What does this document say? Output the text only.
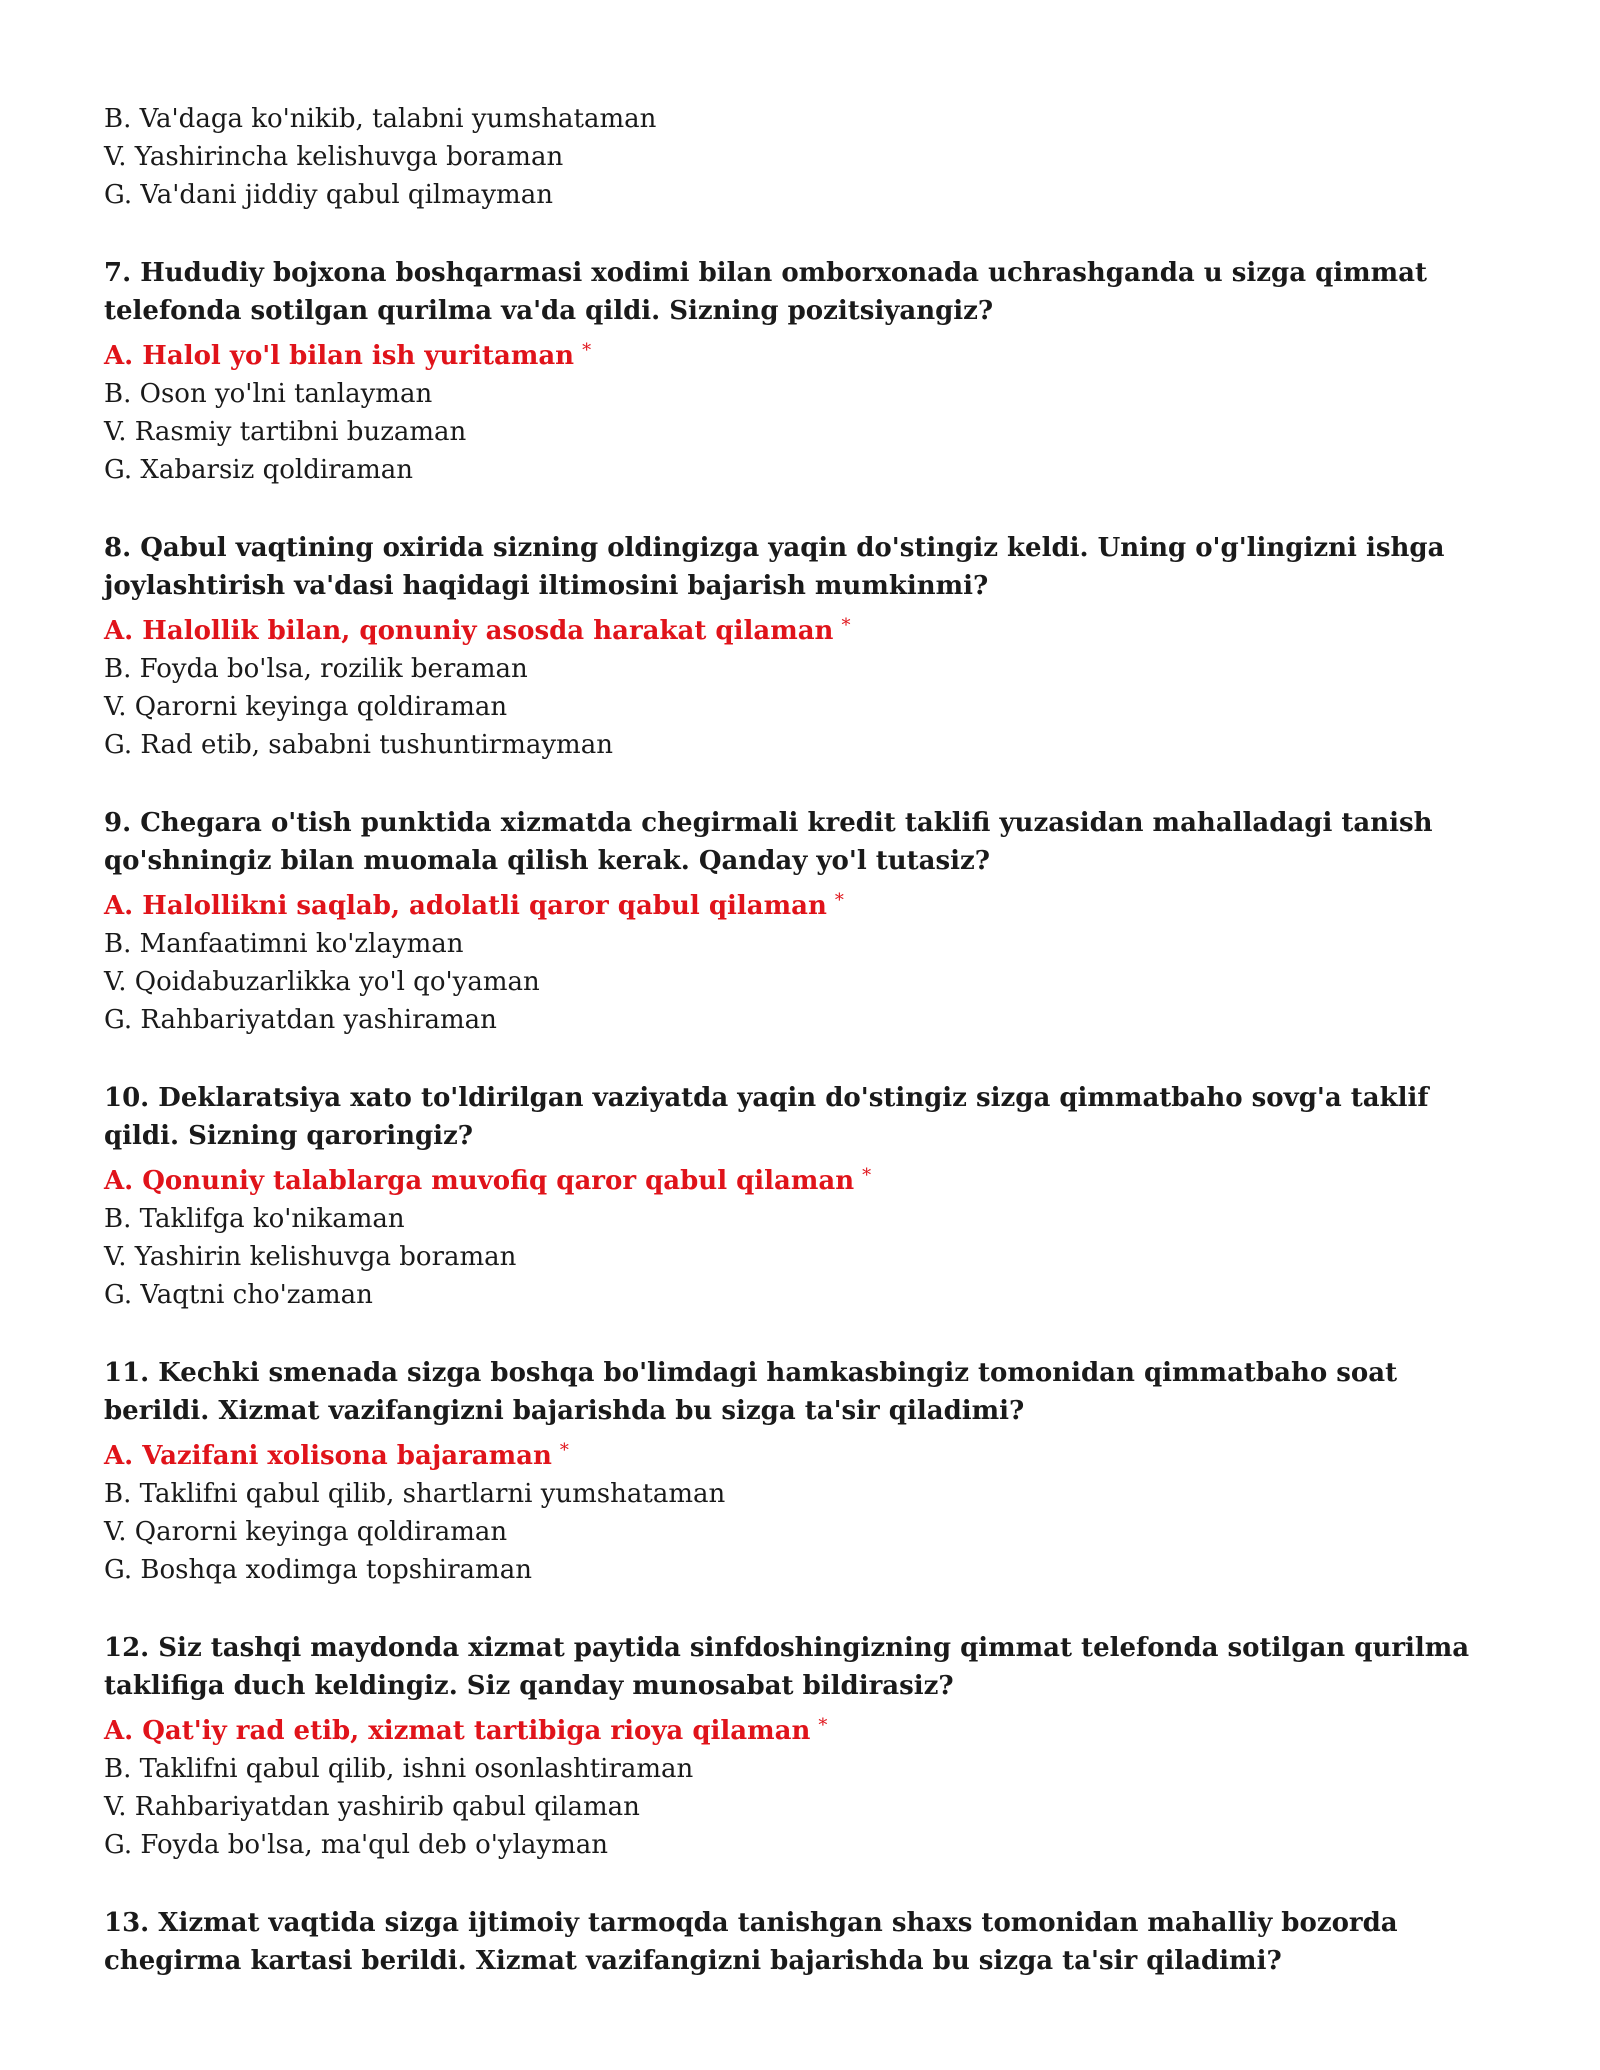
B. Va'daga ko'nikib, talabni yumshataman
V. Yashirincha kelishuvga boraman
G. Va'dani jiddiy qabul qilmayman
7. Hududiy bojxona boshqarmasi xodimi bilan omborxonada uchrashganda u sizga qimmat telefonda sotilgan qurilma va'da qildi. Sizning pozitsiyangiz?
A. Halol yo'l bilan ish yuritaman *
B. Oson yo'lni tanlayman
V. Rasmiy tartibni buzaman
G. Xabarsiz qoldiraman
8. Qabul vaqtining oxirida sizning oldingizga yaqin do'stingiz keldi. Uning o'g'lingizni ishga joylashtirish va'dasi haqidagi iltimosini bajarish mumkinmi?
A. Halollik bilan, qonuniy asosda harakat qilaman *
B. Foyda bo'lsa, rozilik beraman
V. Qarorni keyinga qoldiraman
G. Rad etib, sababni tushuntirmayman
9. Chegara o'tish punktida xizmatda chegirmali kredit taklifi yuzasidan mahalladagi tanish qo'shningiz bilan muomala qilish kerak. Qanday yo'l tutasiz?
A. Halollikni saqlab, adolatli qaror qabul qilaman *
B. Manfaatimni ko'zlayman
V. Qoidabuzarlikka yo'l qo'yaman
G. Rahbariyatdan yashiraman
10. Deklaratsiya xato to'ldirilgan vaziyatda yaqin do'stingiz sizga qimmatbaho sovg'a taklif qildi. Sizning qaroringiz?
A. Qonuniy talablarga muvofiq qaror qabul qilaman *
B. Taklifga ko'nikaman
V. Yashirin kelishuvga boraman
G. Vaqtni cho'zaman
11. Kechki smenada sizga boshqa bo'limdagi hamkasbingiz tomonidan qimmatbaho soat berildi. Xizmat vazifangizni bajarishda bu sizga ta'sir qiladimi?
A. Vazifani xolisona bajaraman *
B. Taklifni qabul qilib, shartlarni yumshataman
V. Qarorni keyinga qoldiraman
G. Boshqa xodimga topshiraman
12. Siz tashqi maydonda xizmat paytida sinfdoshingizning qimmat telefonda sotilgan qurilma taklifiga duch keldingiz. Siz qanday munosabat bildirasiz?
A. Qat'iy rad etib, xizmat tartibiga rioya qilaman *
B. Taklifni qabul qilib, ishni osonlashtiraman
V. Rahbariyatdan yashirib qabul qilaman
G. Foyda bo'lsa, ma'qul deb o'ylayman
13. Xizmat vaqtida sizga ijtimoiy tarmoqda tanishgan shaxs tomonidan mahalliy bozorda chegirma kartasi berildi. Xizmat vazifangizni bajarishda bu sizga ta'sir qiladimi?
